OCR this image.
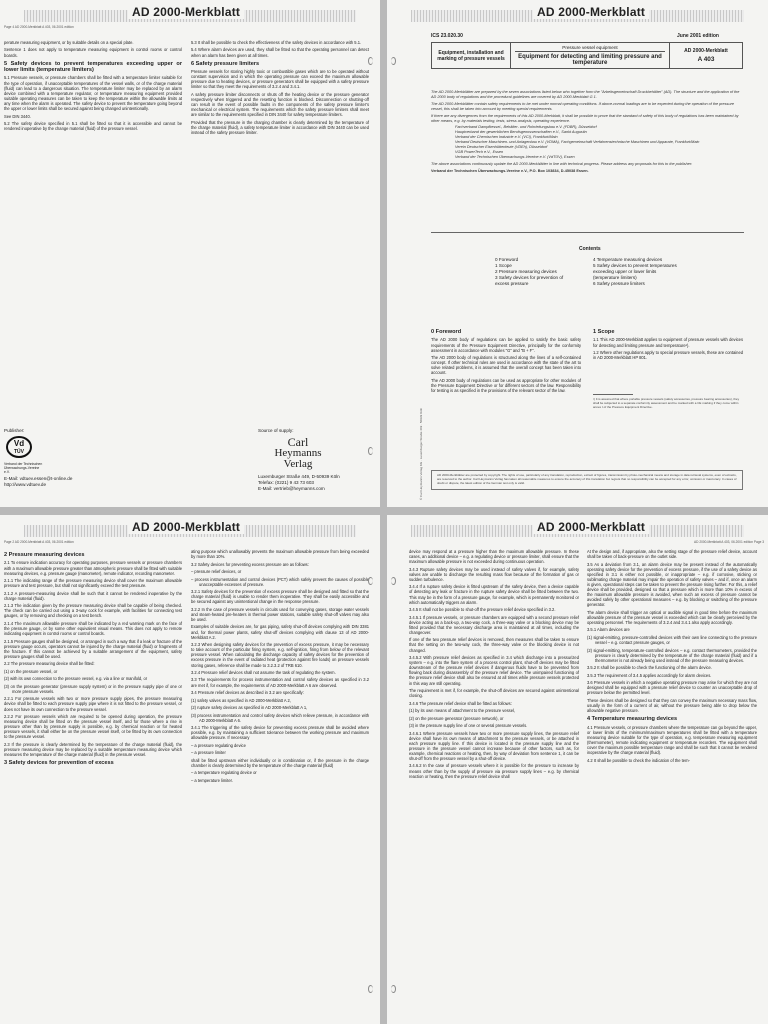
AD 2000-Merkblatt
Page 4 AD 2000-Merkblatt A 403, 06.2001 edition

perature measuring equipment, or by suitable details on a special plate.

Sentence 1 does not apply to temperature measuring equipment in control rooms or control boards.

5 Safety devices to prevent temperatures exceeding upper or lower limits (temperature limiters)

5.1 Pressure vessels, or pressure chambers shall be fitted with a temperature limiter suitable for the type of operation, if unacceptable temperatures of the vessel walls, or of the charge material (fluid) can lead to a dangerous situation. The temperature limiter may be replaced by an alarm device combined with a temperature regulator, or temperature measuring equipment provided suitable operating measures can be taken to keep the temperature within the allowable limits at any time when the alarm is operated. The safety device to prevent the temperature going beyond the upper or lower limits shall be secured against being changed unintentionally.

See DIN 3440.

5.2 The safety device specified in 5.1 shall be fitted so that it is accessible and cannot be rendered inoperative by the change material (fluid) of the pressure vessel.

5.3 It shall be possible to check the effectiveness of the safety devices in accordance with 5.1.

5.4 Where alarm devices are used, they shall be fitted so that the operating personnel can detect when an alarm has been given at all times.

6 Safety pressure limiters

Pressure vessels for storing highly toxic or combustible gases which are to be operated without constant supervision and in which the operating pressure can exceed the maximum allowable pressure due to heating devices, or pressure generators shall be equipped with a safety pressure limiter so that they meet the requirements of 3.2.4 and 3.4.1.

A safety pressure limiter disconnects or shuts off the heating device or the pressure generator respectively when triggered and the resetting function is blocked. Disconnection or shutting-off can result in the event of possible faults in the components of the safety pressure limiter's mechanical or electrical system. The requirements which the safety pressure limiters shall meet are similar to the requirements specified in DIN 3440 for safety temperature limiters.

Provided that the pressure in the charging chamber is clearly determined by the temperature of the charge material (fluid), a safety temperature limiter in accordance with DIN 3440 can be used instead of the safety pressure limiter.

Publisher:
Vd
TÜV
Verband der Technischen Überwachungs-Vereine e.V.
E-Mail: vdtuev.essen@t-online.de
http://www.vdtuev.de
Source of supply:
Carl
Heymanns
Verlag
Luxemburger Straße 449, D-50939 Köln
Telefax: (0221) 9 43 73 603
E-Mail: vertrieb@heymanns.com
AD 2000-Merkblatt
ICS 23.020.30	June 2001 edition
Equipment, installation and marking of pressure vessels	
Pressure vessel equipment
Equipment for detecting and limiting pressure and temperature

AD 2000-Merkblatt
A 403

The AD 2000-Merkblätter are prepared by the seven associations listed below who together form the "Arbeitsgemeinschaft Druckbehälter" (AD). The structure and the application of the AD 2000 body of regulations and the procedural guidelines are covered by AD 2000-Merkblatt G 1.

The AD 2000-Merkblätter contain safety requirements to be met under normal operating conditions. If above-normal loadings are to be expected during the operation of the pressure vessel, this shall be taken into account by meeting special requirements.

If there are any divergences from the requirements of this AD 2000-Merkblatt, it shall be possible to prove that the standard of safety of this body of regulations has been maintained by other means, e.g. by materials testing, tests, stress analysis, operating experience.

Fachverband Dampfkessel-, Behälter- und Rohrleitungsbau e.V. (FDBR), Düsseldorf

Hauptverband der gewerblichen Berufsgenossenschaften e.V., Sankt Augustin

Verband der Chemischen Industrie e.V. (VCI), Frankfurt/Main

Verband Deutscher Maschinen- und Anlagenbau e.V. (VDMA), Fachgemeinschaft Verfahrenstechnische Maschinen und Apparate, Frankfurt/Main

Verein Deutscher Eisenhüttenleute (VDEh), Düsseldorf

VGB PowerTech e.V., Essen

Verband der Technischen Überwachungs-Vereine e.V. (VdTÜV), Essen

The above associations continuously update the AD 2000-Merkblätter in line with technical progress. Please address any proposals for this to the publisher:

Verband der Technischen Überwachungs-Vereine e.V., P.O. Box 103834, D-45038 Essen.

Contents
0 Foreword
1 Scope
2 Pressure measuring devices
3 Safety devices for prevention of
excess pressure
4 Temperature measuring devices
5 Safety devices to prevent temperatures
exceeding upper or lower limits
(temperature limiters)
6 Safety pressure limiters
0 Foreword

The AD 2000 body of regulations can be applied to satisfy the basic safety requirements of the Pressure Equipment Directive, principally for the conformity assessment in accordance with modules "G" and "B + F".

The AD 2000 body of regulations is structured along the lines of a self-contained concept. If other technical rules are used in accordance with the state of the art to solve related problems, it is assumed that the overall concept has been taken into account.

The AD 2000 body of regulations can be used as appropriate for other modules of the Pressure Equipment Directive or for different sectors of the law. Responsibility for testing is as specified in the provisions of the relevant sector of the law.

1 Scope

1.1 This AD 2000-Merkblatt applies to equipment of pressure vessels with devices for detecting and limiting pressure and temperature¹).

1.2 Where other regulations apply to special pressure vessels, these are contained in AD 2000-Merkblatt HP 801.

¹) It is assumed that where portable pressure vessels (safety accessories, pressure bearing accessories), they shall be subjected to a separate conformity assessment and be marked with a CE marking if they come within annex I of the Pressure Equipment Directive.
AD 2000-Merkblätter are protected by copyright. The rights of use, particularly of any translation, reproduction, extract of figures, transmission by photo-mechanical means and storage in data retrieval systems, even of extracts, are reserved to the author. Carl Heymanns Verlag has taken all reasonable measures to ensure the accuracy of this translation but regrets that no responsibility can be accepted for any error, omission or inaccuracy. In cases of doubt or dispute, the latest edition of the German text only is valid.
© Carl Heymanns Verlag KG · Luxemburger Straße 449 · 50939 Köln
AD 2000-Merkblatt
Page 2 AD 2000-Merkblatt A 403, 06.2001 edition
2 Pressure measuring devices

2.1 To ensure indication accuracy for operating purposes, pressure vessels or pressure chambers with a maximum allowable pressure greater than atmospheric pressure shall be fitted with suitable measuring devices, e.g. pressure gauge (manometer), remote indicator, recording manometer.

2.1.1 The indicating range of the pressure measuring device shall cover the maximum allowable pressure and test pressure, but shall not significantly exceed the test pressure.

2.1.2 A pressure-measuring device shall be such that it cannot be rendered inoperative by the charge material (fluid).

2.1.3 The indication given by the pressure measuring device shall be capable of being checked. The check can be carried out using a 3-way cock for example, with facilities for connecting test gauges, or by removing and checking on a test bench.

2.1.4 The maximum allowable pressure shall be indicated by a red warning mark on the face of the pressure gauge, or by some other equivalent visual means. This does not apply to remote indicating equipment in control rooms or control boards.

2.1.5 Pressure gauges shall be designed, or arranged in such a way that if a leak or fracture of the pressure gauge occurs, operators cannot be injured by the charge material (fluid) or fragments of the fracture. If this cannot be achieved by a suitable arrangement of the equipment, safety pressure gauges shall be used.

2.2 The pressure measuring device shall be fitted:

(1) on the pressure vessel, or

(2) with its own connection to the pressure vessel, e.g. via a line or manifold, or

(3) on the pressure generator (pressure supply system) or in the pressure supply pipe of one or more pressure vessels.

2.2.1 For pressure vessels with two or more pressure supply pipes, the pressure measuring device shall be fitted to each pressure supply pipe where it is not fitted to the pressure vessel, or does not have its own connection to the pressure vessel.

2.2.2 For pressure vessels which are required to be opened during operation, the pressure measuring device shall be fitted on the pressure vessel itself, and for those where a rise in pressure other than by pressure supply is possible, e.g. by chemical reaction or for heated pressure vessels, it shall either be on the pressure vessel itself, or be fitted by its own connection to the pressure vessel.

2.3 If the pressure is clearly determined by the temperature of the charge material (fluid), the pressure measuring device may be replaced by a suitable temperature measuring device which measures the temperature of the charge material (fluid) in the pressure vessel.

3 Safety devices for prevention of excess

ating purpose which unallowably prevents the maximum allowable pressure from being exceeded by more than 10%.

3.2 Safety devices for preventing excess pressure are as follows:

– pressure relief devices, or

– process instrumentation and control devices (PCT) which safely prevent the causes of possible unacceptable excesses of pressure.

3.2.1 Safety devices for the prevention of excess pressure shall be designed and fitted so that the charge material (fluid) is unable to render them inoperative. They shall be easily accessible and be secured against any unintentional change in the response pressure.

3.2.2 In the case of pressure vessels in circuits used for conveying gases, storage water vessels and steam-heated pre-heaters in thermal power stations, suitable safety shut-off valves may also be used.

Examples of suitable devices are, for gas piping, safety shut-off devices complying with DIN 3381 and, for thermal power plants, safety shut-off devices complying with clause 13 of AD 2000-Merkblatt A 2.

3.2.3 When designing safety devices for the prevention of excess pressure, it may be necessary to take account of the particular firing system, e.g. self-ignition, firing from below of the relevant pressure vessel. When calculating the discharge capacity of safety devices for the prevention of excess pressure in the event of radiated heat (protection against fire loads) on pressure vessels storing gases, reference shall be made to 3.2.3.2 of TRB 610.

3.2.4 Pressure relief devices shall not assume the task of regulating the system.

3.3 The requirements for process instrumentation and control safety devices as specified in 3.2 are met if, for example, the requirements of AD 2000-Merkblatt A 6 are observed.

3.4 Pressure relief devices as described in 3.2 are specifically:

(1) safety valves as specified in AD 2000-Merkblatt A 2,

(2) rupture safety devices as specified in AD 2000-Merkblatt A 1,

(3) process instrumentation and control safety devices which relieve pressure, in accordance with AD 2000-Merkblatt A 6.

3.4.1 The triggering of the safety device for preventing excess pressure shall be avoided where possible, e.g. by maintaining a sufficient tolerance between the working pressure and maximum allowable pressure. If necessary

– a pressure regulating device

– a pressure limiter

shall be fitted upstream either individually or in combination or, if the pressure in the charge chamber is clearly determined by the temperature of the charge material (fluid)

– a temperature regulating device or

– a temperature limiter.

AD 2000-Merkblatt
AD 2000-Merkblatt A 403, 06.2001 edition Page 3

device may respond at a pressure higher than the maximum allowable pressure. In these cases, an additional device – e.g. a regulating device or pressure limiter, shall ensure that the maximum allowable pressure is not exceeded during continuous operation.

3.4.3 Rupture safety devices may be used instead of safety valves if, for example, safety valves are unable to discharge the resulting mass flow because of the formation of gas or sudden turbulence.

3.4.4 If a rupture safety device is fitted upstream of the safety device, then a device capable of detecting any leak or fracture in the rupture safety device shall be fitted between the two. This may be in the form of a pressure gauge, for example, which is permanently monitored or which automatically triggers an alarm.

3.4.5 It shall not be possible to shut-off the pressure relief device specified in 3.2.

3.4.5.1 If pressure vessels, or pressure chambers are equipped with a second pressure relief device acting as a back-up, a two-way cock, a three-way valve or a blocking device may be fitted provided that the necessary discharge area is maintained at all times, including the changeover.

If one of the two pressure relief devices is removed, then measures shall be taken to ensure that the setting on the two-way cock, the three-way valve or the blocking device is not changed.

3.4.5.2 With pressure relief devices as specified in 3.4 which discharge into a pressurized system – e.g. into the flare system of a process control plant, shut-off devices may be fitted downstream of the pressure relief devices if dangerous fluids have to be prevented from flowing back during disassembly of the pressure relief device. The unimpaired functioning of the pressure relief device shall also be ensured at all times while pressure vessels protected in this way are still operating.

The requirement is met if, for example, the shut-off devices are secured against unintentional closing.

3.4.6 The pressure relief device shall be fitted as follows:

(1) by its own means of attachment to the pressure vessel,

(2) on the pressure generator (pressure network), or

(3) in the pressure supply line of one or several pressure vessels.

3.4.6.1 Where pressure vessels have two or more pressure supply lines, the pressure relief device shall have its own means of attachment to the pressure vessels, or be attached in each pressure supply line. If this device is located in the pressure supply line and the pressure in the pressure vessel cannot increase because of other factors, such as, for example, chemical reactions or heating, then, by way of deviation from sentence 1, it can be shut-off from the pressure vessel by a shut-off device.

3.4.6.2 In the case of pressure vessels where it is possible for the pressure to increase by means other than by the supply of pressure via pressure supply lines – e.g. by chemical reaction or heating, then the pressure relief device shall

At the design and, if appropriate, also the setting stage of the pressure relief device, account shall be taken of back-pressure on the outlet side.

3.5 As a deviation from 3.1, an alarm device may be present instead of the automatically operating safety device for the prevention of excess pressure, if the use of a safety device as specified in 3.1 is either not possible, or inappropriate – e.g. if corrosive, sticking or sublimating charge material may impair the operation of safety valves – and if, once an alarm is given, operational steps can be taken to prevent the pressure rising further. For this, a relief device shall be provided, designed so that a pressure which is more than 10% in excess of the maximum allowable pressure is avoided, when such an excess of pressure cannot be avoided safely by other operational measures – e.g. by blocking or switching of the pressure generator.

The alarm device shall trigger an optical or audible signal in good time before the maximum allowable pressure of the pressure vessel is exceeded which can be clearly perceived by the operating personnel. The requirements of 3.2.4 and 3.4.1 also apply accordingly.

3.5.1 Alarm devices are

(1) signal-emitting, pressure-controlled devices with their own line connecting to the pressure vessel – e.g. contact pressure gauges, or

(2) signal-emitting, temperature-controlled devices – e.g. contact thermometers, provided the pressure is clearly determined by the temperature of the charge material (fluid) and if a thermometer is not already being used instead of the pressure measuring devices.

3.5.2 It shall be possible to check the functioning of the alarm device.

3.5.3 The requirement of 3.4.5 applies accordingly for alarm devices.

3.6 Pressure vessels in which a negative operating pressure may arise for which they are not designed shall be equipped with a pressure relief device to counter an unacceptable drop of pressure below the permitted level.

These devices shall be designed so that they can convey the maximum necessary mass flow, usually in the form of a current of air, without the pressure being able to drop below the allowable negative pressure.

4 Temperature measuring devices

4.1 Pressure vessels, or pressure chambers where the temperature can go beyond the upper, or lower limits of the minimum/maximum temperatures shall be fitted with a temperature measuring device suitable for the type of operation, e.g. temperature measuring equipment (thermometer), remote indicating equipment or temperature recorders. The equipment shall cover the maximum possible temperature range and shall be such that it cannot be rendered inoperative by the charge material (fluid).

4.2 It shall be possible to check the indication of the tem-
